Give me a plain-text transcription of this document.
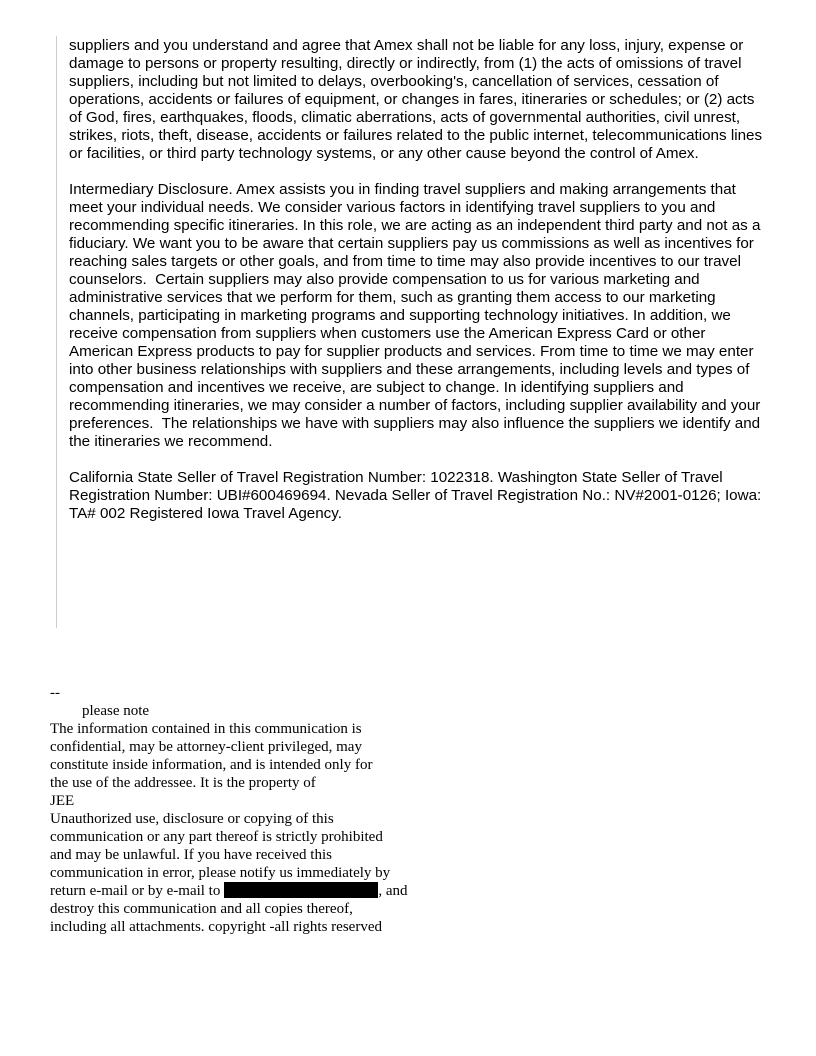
suppliers and you understand and agree that Amex shall not be liable for any loss, injury, expense or damage to persons or property resulting, directly or indirectly, from (1) the acts of omissions of travel suppliers, including but not limited to delays, overbooking's, cancellation of services, cessation of operations, accidents or failures of equipment, or changes in fares, itineraries or schedules; or (2) acts of God, fires, earthquakes, floods, climatic aberrations, acts of governmental authorities, civil unrest, strikes, riots, theft, disease, accidents or failures related to the public internet, telecommunications lines or facilities, or third party technology systems, or any other cause beyond the control of Amex.

Intermediary Disclosure. Amex assists you in finding travel suppliers and making arrangements that meet your individual needs. We consider various factors in identifying travel suppliers to you and recommending specific itineraries. In this role, we are acting as an independent third party and not as a fiduciary. We want you to be aware that certain suppliers pay us commissions as well as incentives for reaching sales targets or other goals, and from time to time may also provide incentives to our travel counselors.  Certain suppliers may also provide compensation to us for various marketing and administrative services that we perform for them, such as granting them access to our marketing channels, participating in marketing programs and supporting technology initiatives. In addition, we receive compensation from suppliers when customers use the American Express Card or other American Express products to pay for supplier products and services. From time to time we may enter  into other business relationships with suppliers and these arrangements, including levels and types of compensation and incentives we receive, are subject to change. In identifying suppliers and recommending itineraries, we may consider a number of factors, including supplier availability and your preferences.  The relationships we have with suppliers may also influence the suppliers we identify and the itineraries we recommend.

California State Seller of Travel Registration Number: 1022318. Washington State Seller of Travel Registration Number: UBI#600469694. Nevada Seller of Travel Registration No.: NV#2001-0126; Iowa: TA# 002 Registered Iowa Travel Agency.

--
please note
The information contained in this communication is
confidential, may be attorney-client privileged, may
constitute inside information, and is intended only for
the use of the addressee. It is the property of
JEE
Unauthorized use, disclosure or copying of this
communication or any part thereof is strictly prohibited
and may be unlawful. If you have received this
communication in error, please notify us immediately by
return e-mail or by e-mail to	, and
destroy this communication and all copies thereof,
including all attachments. copyright -all rights reserved
